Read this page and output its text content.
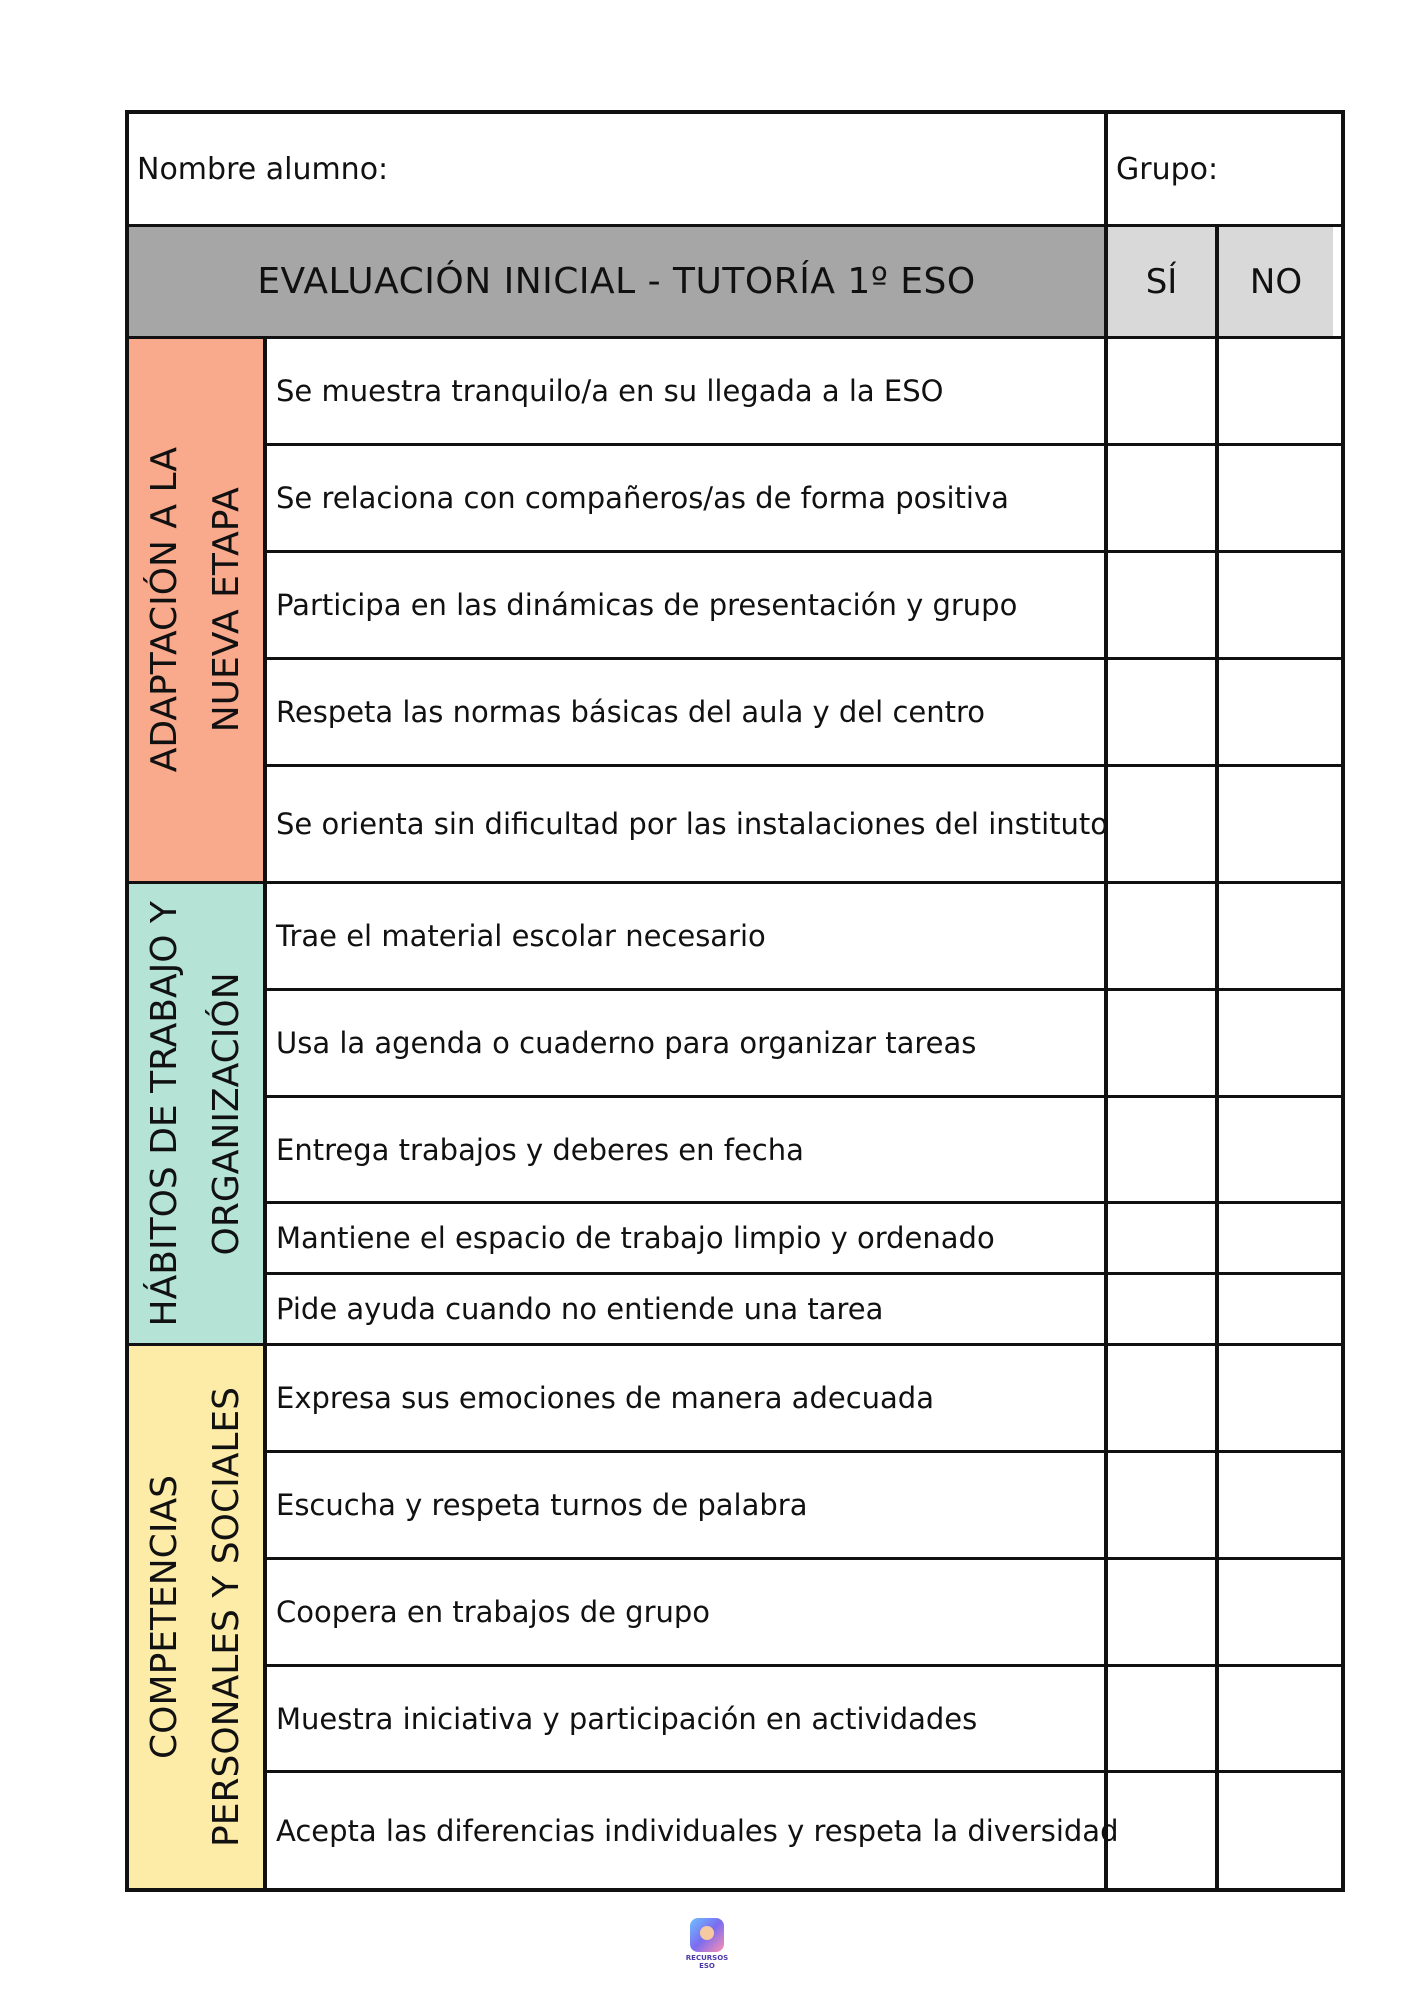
Nombre alumno:	Grupo:
EVALUACIÓN INICIAL - TUTORÍA 1º ESO	SÍ	NO
ADAPTACIÓN A LA NUEVA ETAPA
Se muestra tranquilo/a en su llegada a la ESO
Se relaciona con compañeros/as de forma positiva
Participa en las dinámicas de presentación y grupo
Respeta las normas básicas del aula y del centro
Se orienta sin dificultad por las instalaciones del instituto
HÁBITOS DE TRABAJO Y ORGANIZACIÓN
Trae el material escolar necesario
Usa la agenda o cuaderno para organizar tareas
Entrega trabajos y deberes en fecha
Mantiene el espacio de trabajo limpio y ordenado
Pide ayuda cuando no entiende una tarea
COMPETENCIAS PERSONALES Y SOCIALES	Expresa sus emociones de manera adecuada
Escucha y respeta turnos de palabra
Coopera en trabajos de grupo
Muestra iniciativa y participación en actividades
Acepta las diferencias individuales y respeta la diversidad
RECURSOS ESO
